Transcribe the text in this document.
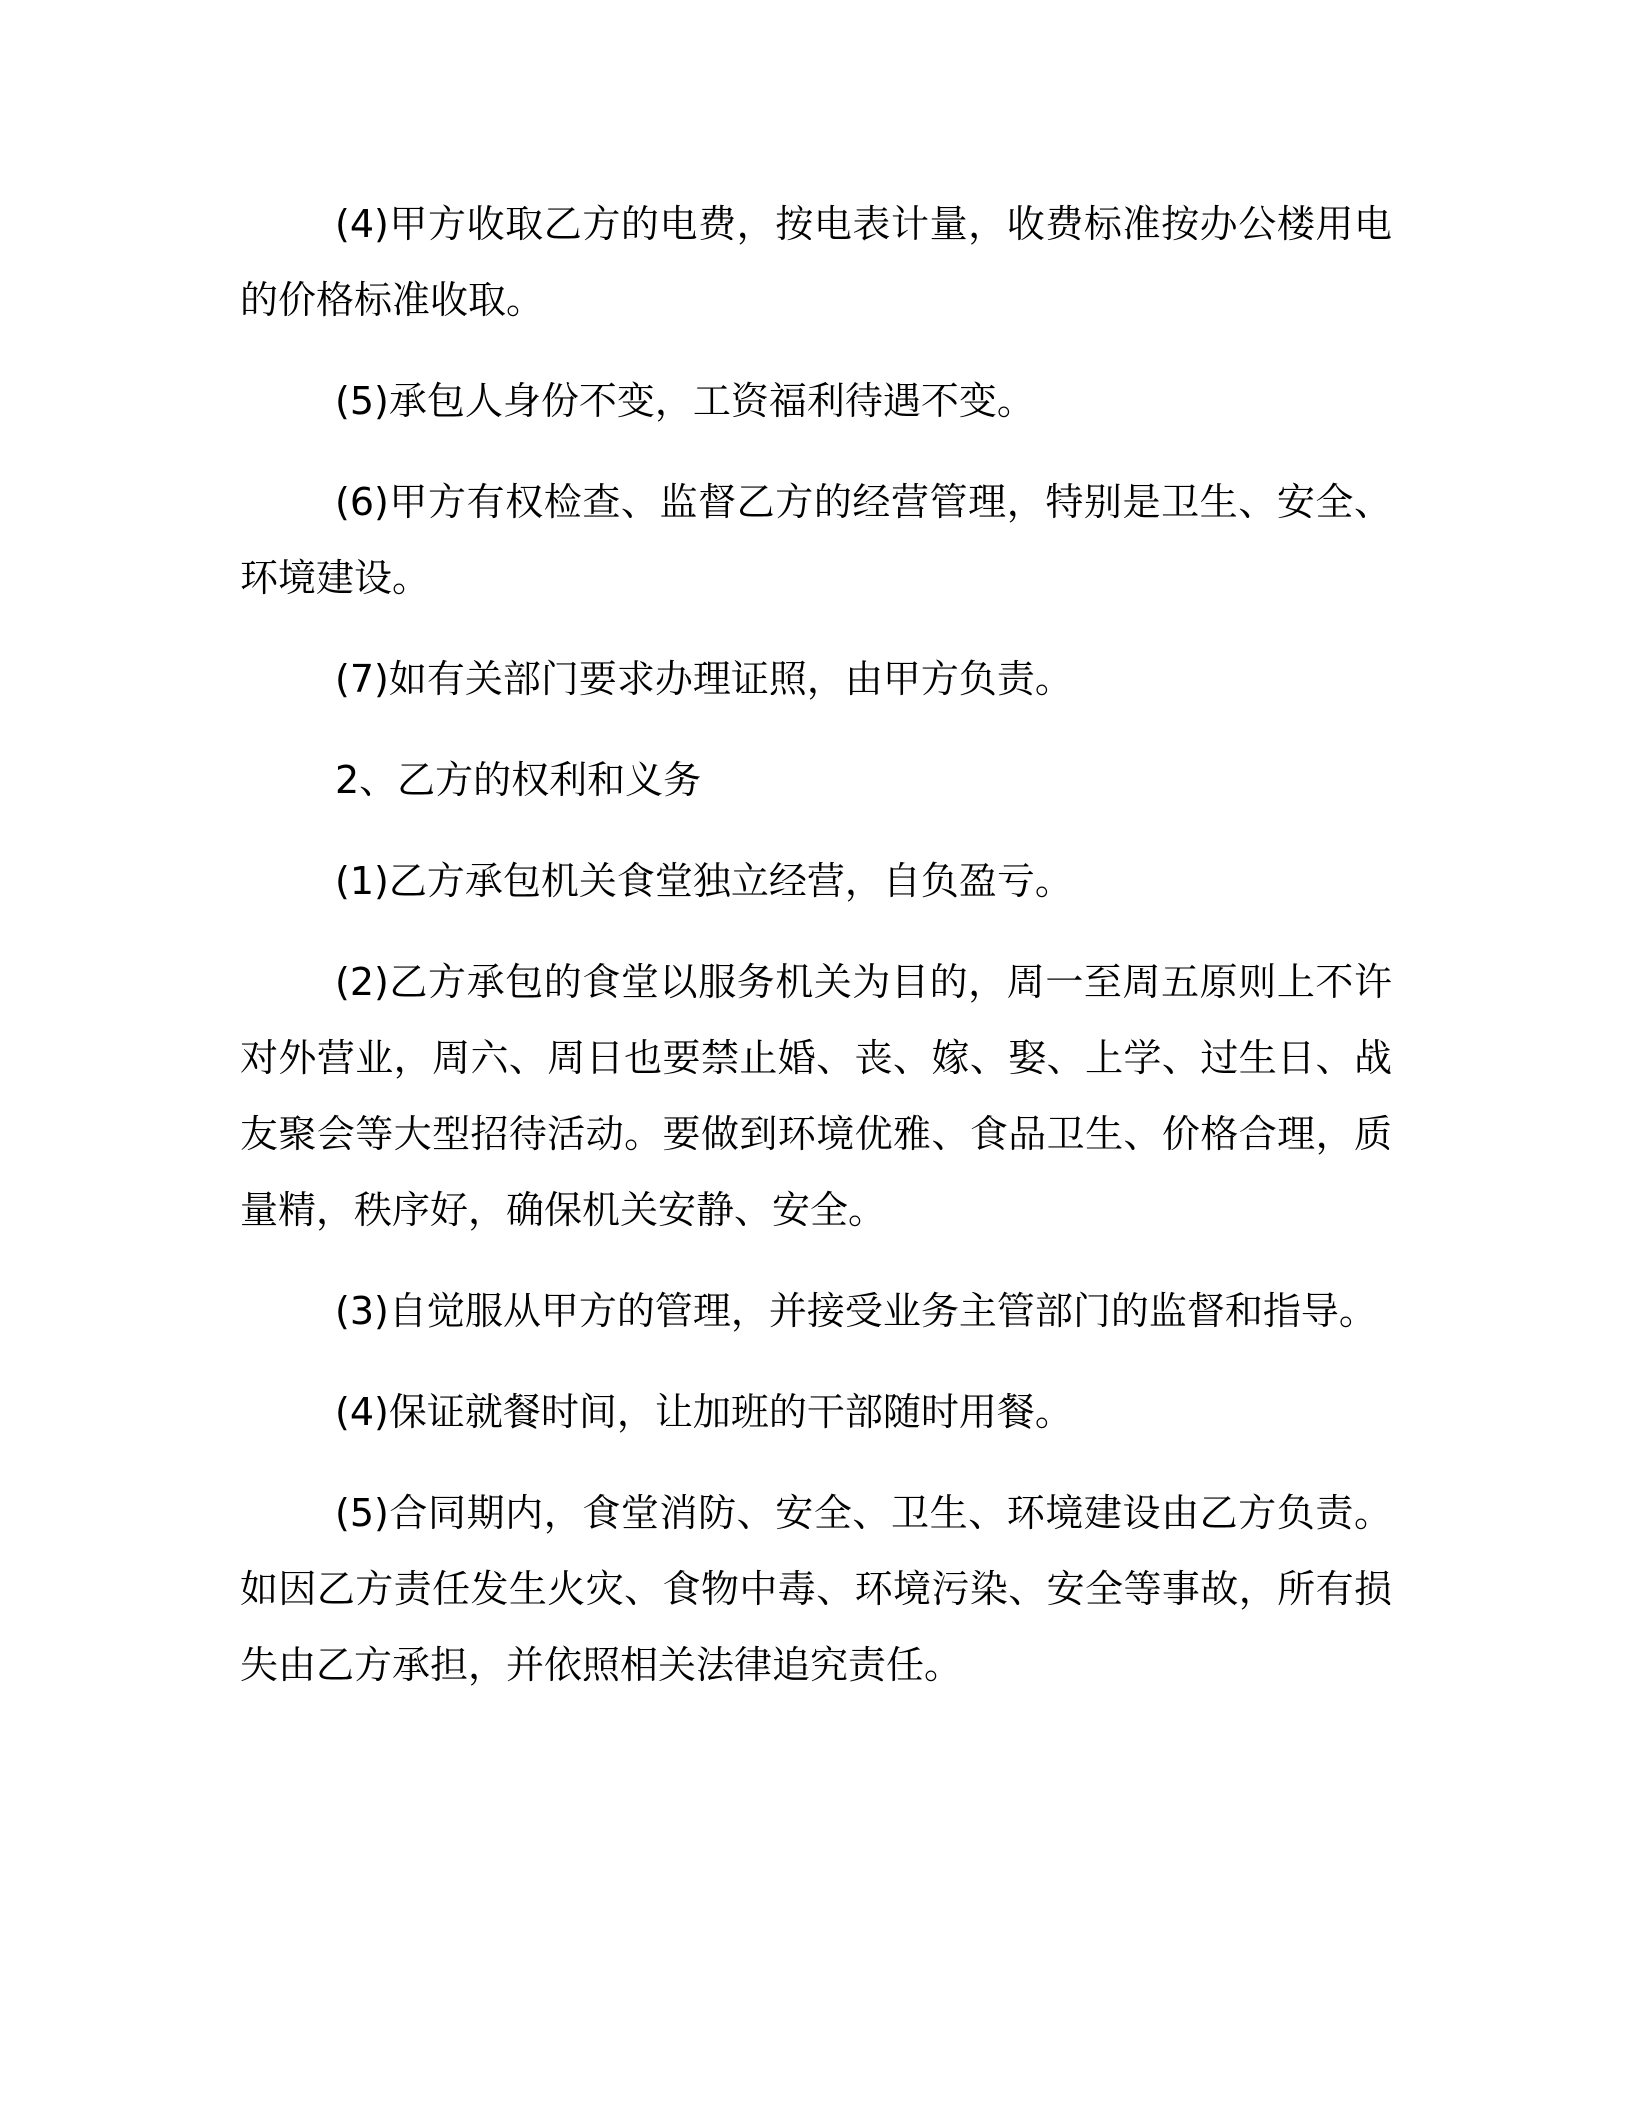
(4)甲方收取乙方的电费，按电表计量，收费标准按办公楼用电的价格标准收取。

(5)承包人身份不变，工资福利待遇不变。

(6)甲方有权检查、监督乙方的经营管理，特别是卫生、安全、环境建设。

(7)如有关部门要求办理证照，由甲方负责。

2、乙方的权利和义务

(1)乙方承包机关食堂独立经营，自负盈亏。

(2)乙方承包的食堂以服务机关为目的，周一至周五原则上不许对外营业，周六、周日也要禁止婚、丧、嫁、娶、上学、过生日、战友聚会等大型招待活动。要做到环境优雅、食品卫生、价格合理，质量精，秩序好，确保机关安静、安全。

(3)自觉服从甲方的管理，并接受业务主管部门的监督和指导。

(4)保证就餐时间，让加班的干部随时用餐。

(5)合同期内，食堂消防、安全、卫生、环境建设由乙方负责。如因乙方责任发生火灾、食物中毒、环境污染、安全等事故，所有损失由乙方承担，并依照相关法律追究责任。
